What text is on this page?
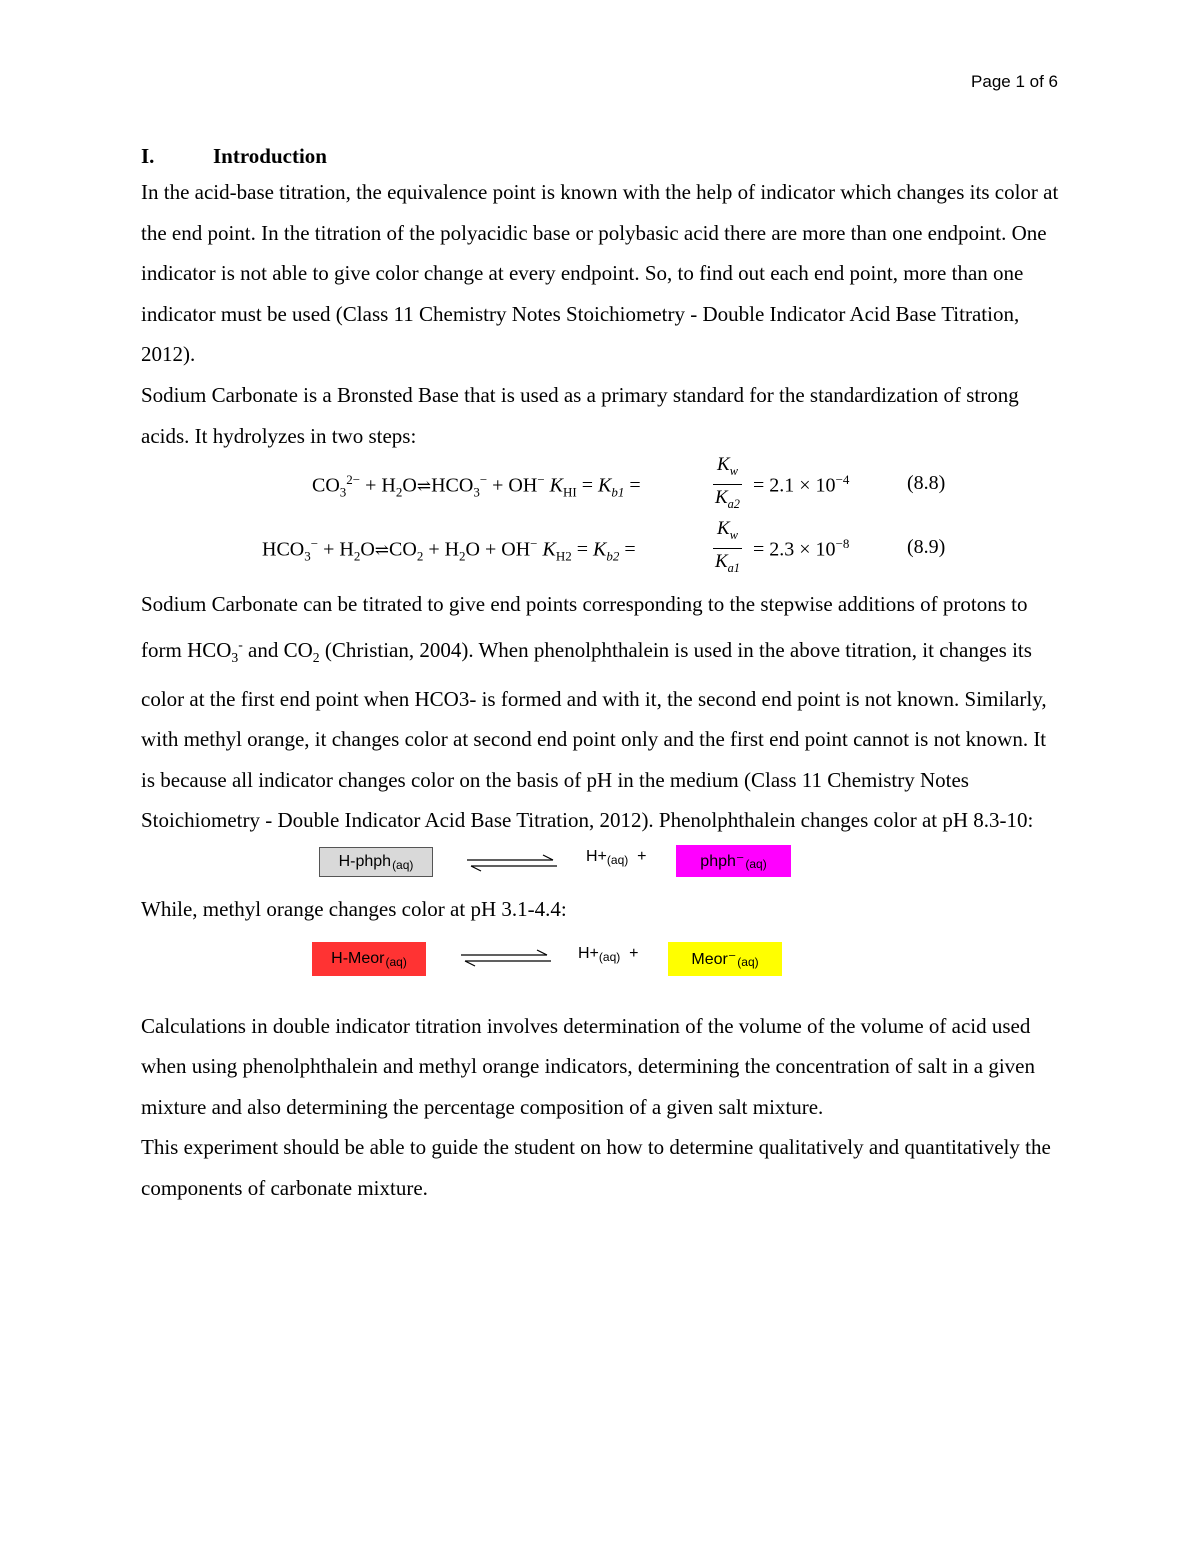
Page 1 of 6
I.	Introduction

In the acid-base titration, the equivalence point is known with the help of indicator which changes its color at the end point. In the titration of the polyacidic base or polybasic acid there are more than one endpoint. One indicator is not able to give color change at every endpoint. So, to find out each end point, more than one indicator must be used (Class 11 Chemistry Notes Stoichiometry - Double Indicator Acid Base Titration, 2012).

Sodium Carbonate is a Bronsted Base that is used as a primary standard for the standardization of strong acids. It hydrolyzes in two steps:

$CO_3^{2-}$ + $H_2O\rightleftharpoons HCO_3^- + OH^-$ $K_{HI} = K_{b1}$ =	$\frac{K_w}{K_{a2}} = 2.1 \times 10^{-4}$	(8.8)
$HCO_3^-$ + $H_2O\rightleftharpoons CO_2 + H_2O + OH^-$ $K_{H2} = K_{b2}$ =	$\frac{K_w}{K_{a1}} = 2.3 \times 10^{-8}$	(8.9)

Sodium Carbonate can be titrated to give end points corresponding to the stepwise additions of protons to form $HCO_3^-$ and $CO_2$ (Christian, 2004). When phenolphthalein is used in the above titration, it changes its color at the first end point when HCO3- is formed and with it, the second end point is not known. Similarly, with methyl orange, it changes color at second end point only and the first end point cannot is not known. It is because all indicator changes color on the basis of pH in the medium (Class 11 Chemistry Notes Stoichiometry - Double Indicator Acid Base Titration, 2012). Phenolphthalein changes color at pH 8.3-10:

H-phph (aq)	H+(aq) +	phph⁻ (aq)

While, methyl orange changes color at pH 3.1-4.4:

H-Meor (aq)	H+(aq) +	Meor⁻ (aq)

Calculations in double indicator titration involves determination of the volume of the volume of acid used when using phenolphthalein and methyl orange indicators, determining the concentration of salt in a given mixture and also determining the percentage composition of a given salt mixture.

This experiment should be able to guide the student on how to determine qualitatively and quantitatively the components of carbonate mixture.
